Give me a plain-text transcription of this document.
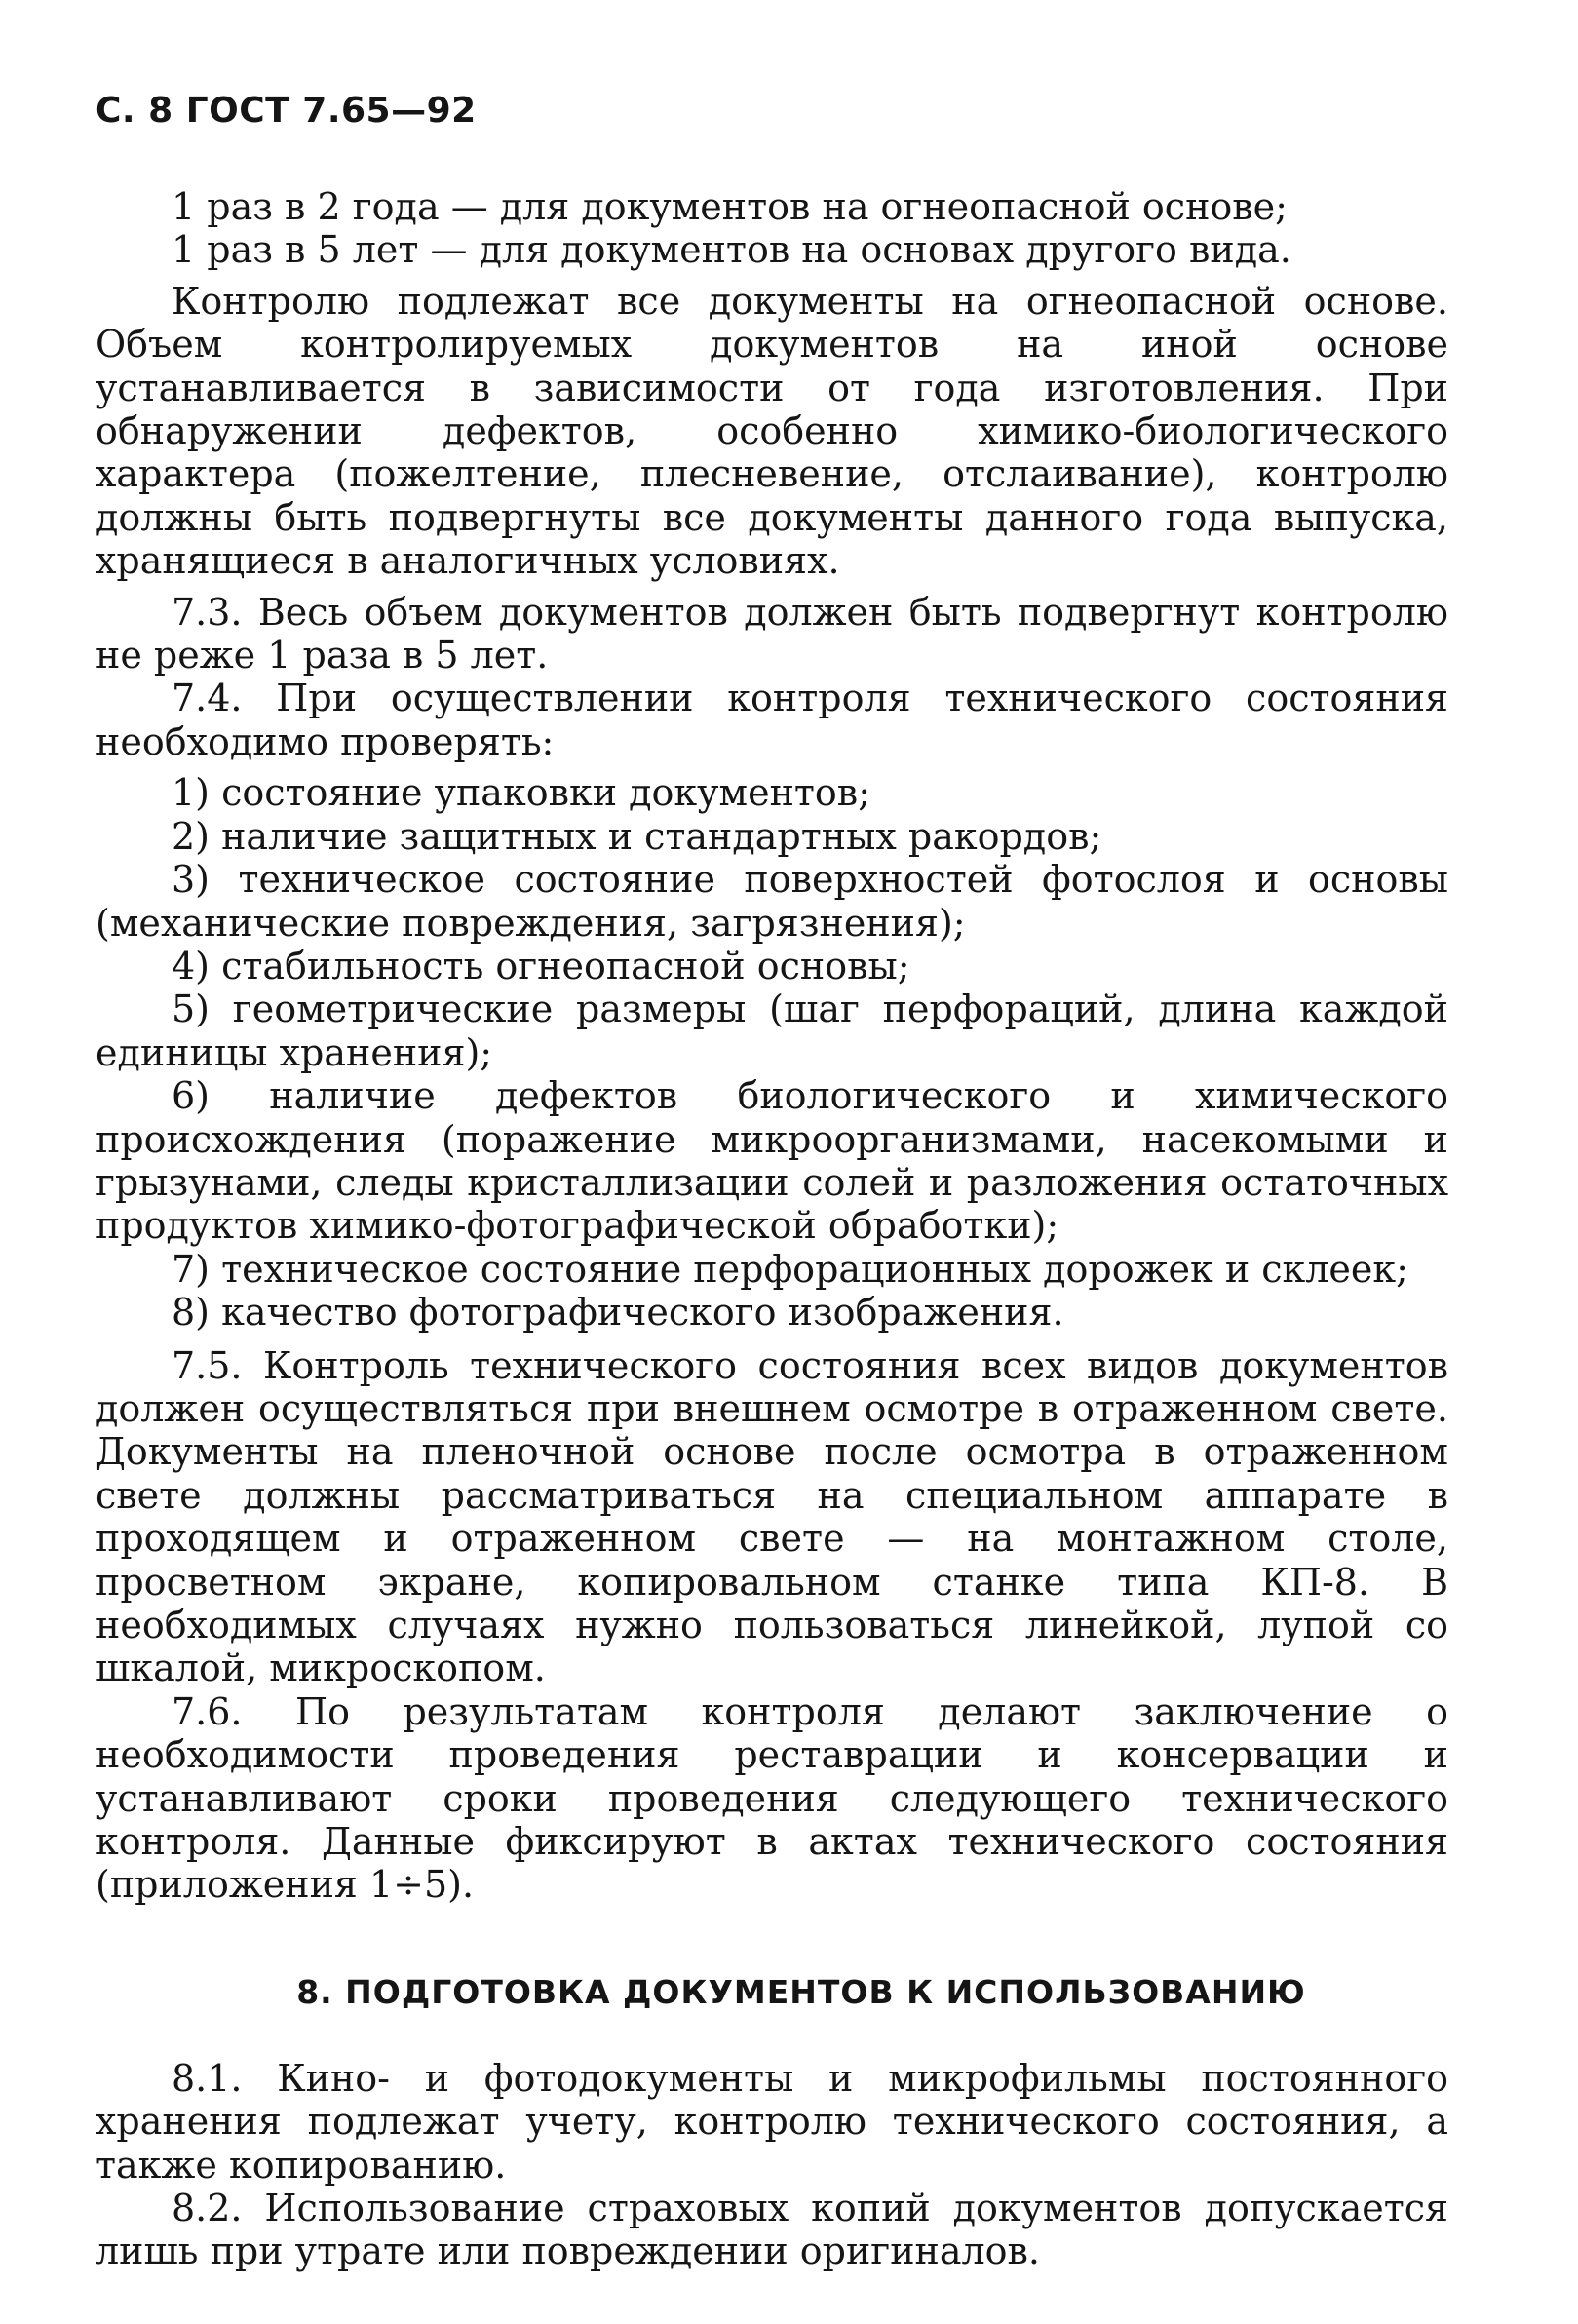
С. 8 ГОСТ 7.65—92

1 раз в 2 года — для документов на огнеопасной основе;

1 раз в 5 лет — для документов на основах другого вида.

Контролю подлежат все документы на огнеопасной основе. Объем контролируемых документов на иной основе устанавливается в зависимости от года изготовления. При обнаружении дефектов, особенно химико-биологического характера (пожелтение, плесневение, отслаивание), контролю должны быть подвергнуты все документы данного года выпуска, хранящиеся в аналогичных условиях.

7.3. Весь объем документов должен быть подвергнут контролю не реже 1 раза в 5 лет.

7.4. При осуществлении контроля технического состояния необходимо проверять:

1) состояние упаковки документов;

2) наличие защитных и стандартных ракордов;

3) техническое состояние поверхностей фотослоя и основы (механические повреждения, загрязнения);

4) стабильность огнеопасной основы;

5) геометрические размеры (шаг перфораций, длина каждой единицы хранения);

6) наличие дефектов биологического и химического происхождения (поражение микроорганизмами, насекомыми и грызунами, следы кристаллизации солей и разложения остаточных продуктов химико-фотографической обработки);

7) техническое состояние перфорационных дорожек и склеек;

8) качество фотографического изображения.

7.5. Контроль технического состояния всех видов документов должен осуществляться при внешнем осмотре в отраженном свете. Документы на пленочной основе после осмотра в отраженном свете должны рассматриваться на специальном аппарате в проходящем и отраженном свете — на монтажном столе, просветном экране, копировальном станке типа КП-8. В необходимых случаях нужно пользоваться линейкой, лупой со шкалой, микроскопом.

7.6. По результатам контроля делают заключение о необходимости проведения реставрации и консервации и устанавливают сроки проведения следующего технического контроля. Данные фиксируют в актах технического состояния (приложения 1÷5).

8. ПОДГОТОВКА ДОКУМЕНТОВ К ИСПОЛЬЗОВАНИЮ

8.1. Кино- и фотодокументы и микрофильмы постоянного хранения подлежат учету, контролю технического состояния, а также копированию.

8.2. Использование страховых копий документов допускается лишь при утрате или повреждении оригиналов.
